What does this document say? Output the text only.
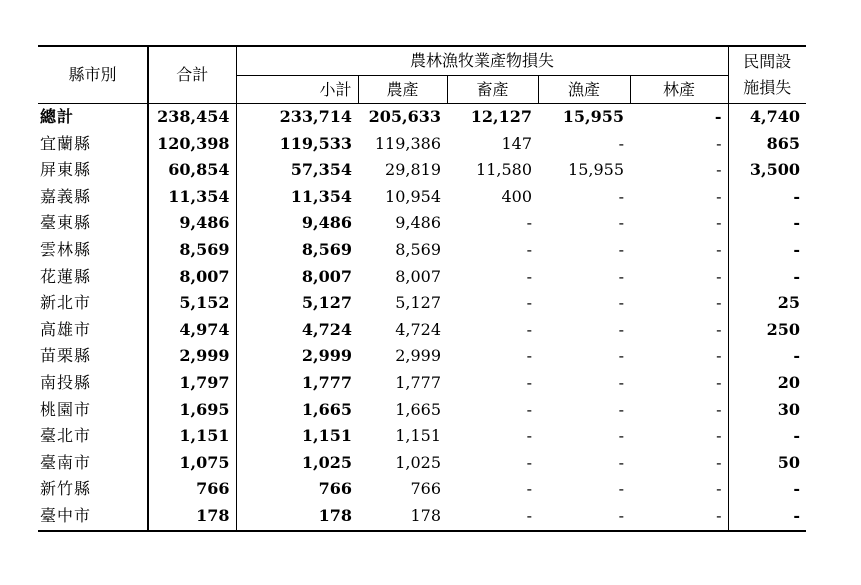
縣市別	合計	農林漁牧業產物損失					民間設
施損失

		小計	農產	畜產	漁產	林產	
總計	238,454	233,714	205,633	12,127	15,955	-	4,740
宜蘭縣	120,398	119,533	119,386	147	-	-	865
屏東縣	60,854	57,354	29,819	11,580	15,955	-	3,500
嘉義縣	11,354	11,354	10,954	400	-	-	-
臺東縣	9,486	9,486	9,486	-	-	-	-
雲林縣	8,569	8,569	8,569	-	-	-	-
花蓮縣	8,007	8,007	8,007	-	-	-	-
新北市	5,152	5,127	5,127	-	-	-	25
高雄市	4,974	4,724	4,724	-	-	-	250
苗栗縣	2,999	2,999	2,999	-	-	-	-
南投縣	1,797	1,777	1,777	-	-	-	20
桃園市	1,695	1,665	1,665	-	-	-	30
臺北市	1,151	1,151	1,151	-	-	-	-
臺南市	1,075	1,025	1,025	-	-	-	50
新竹縣	766	766	766	-	-	-	-
臺中市	178	178	178	-	-	-	-
